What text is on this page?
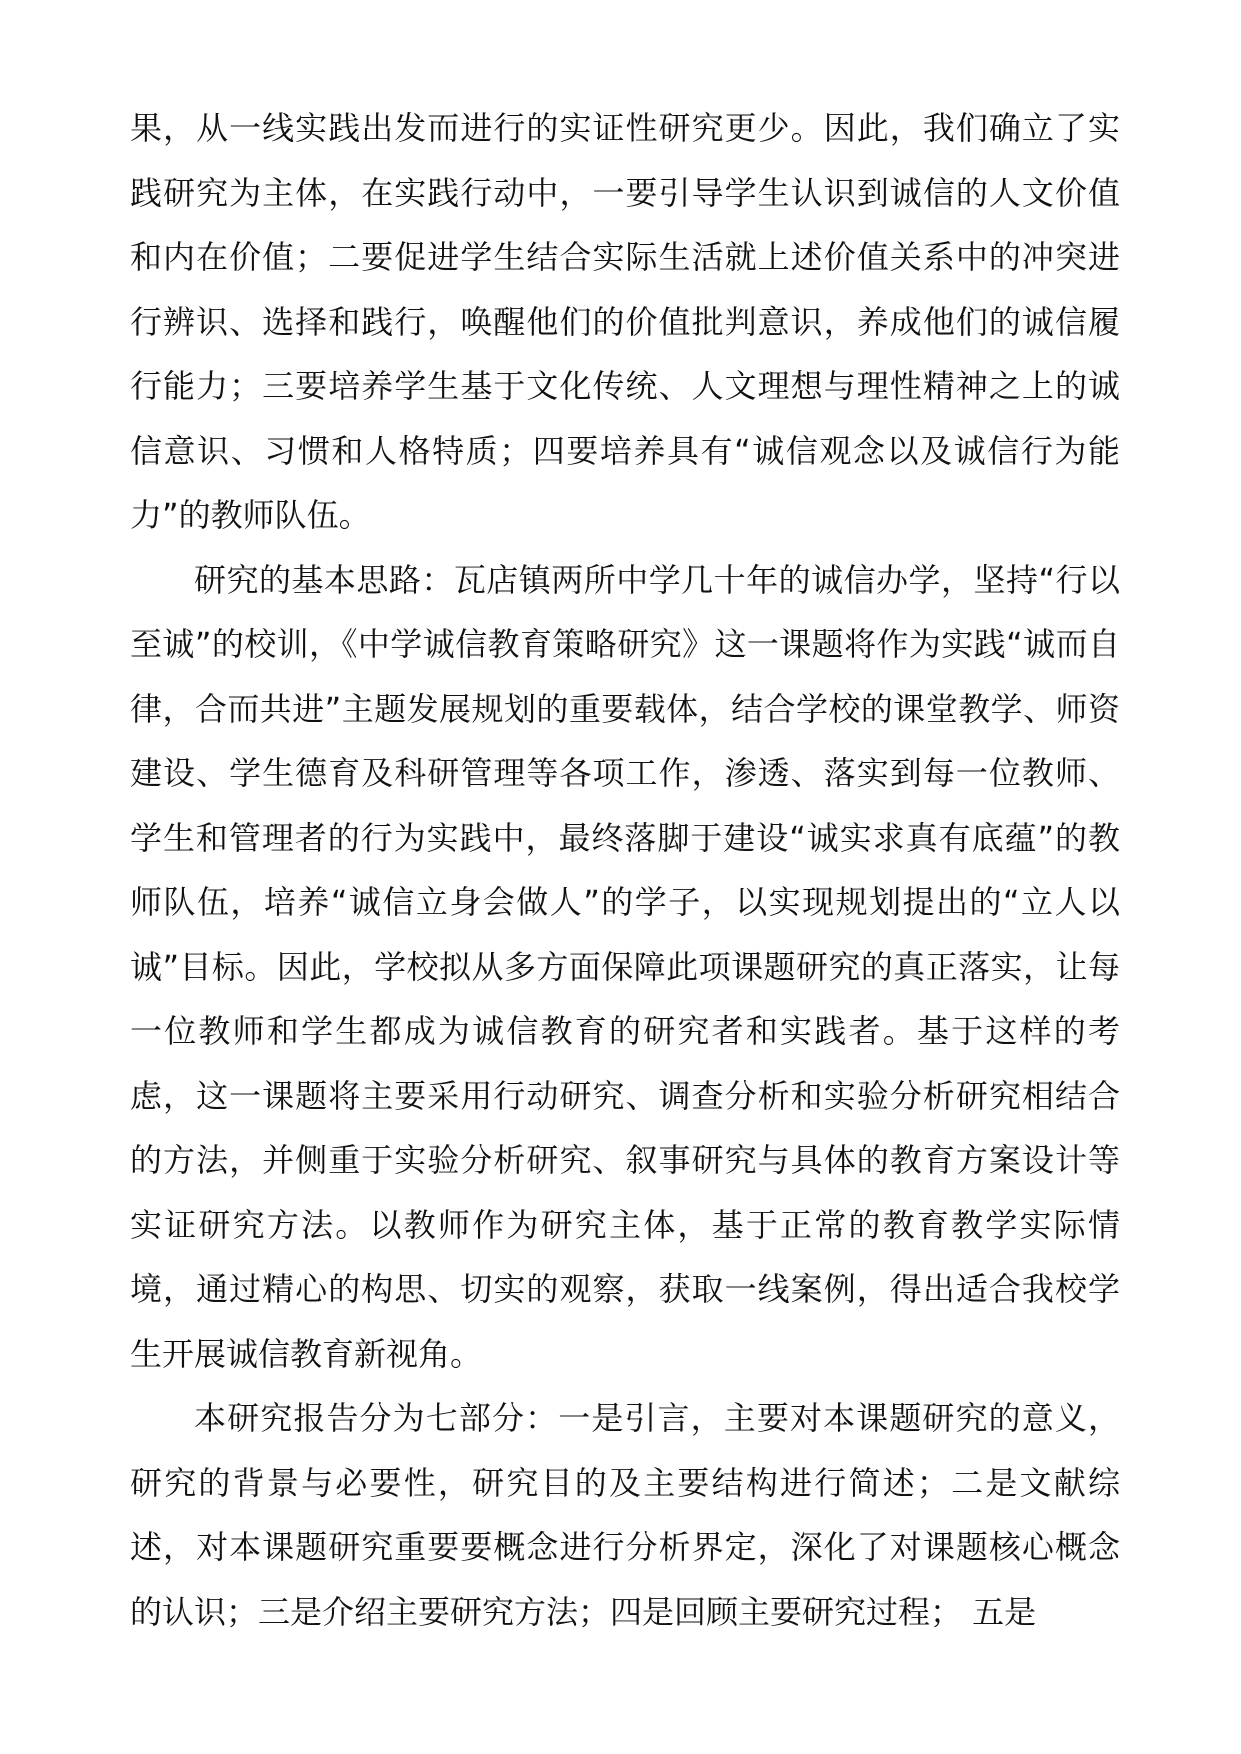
果，从一线实践出发而进行的实证性研究更少。因此，我们确立了实践研究为主体，在实践行动中，一要引导学生认识到诚信的人文价值和内在价值；二要促进学生结合实际生活就上述价值关系中的冲突进行辨识、选择和践行，唤醒他们的价值批判意识，养成他们的诚信履行能力；三要培养学生基于文化传统、人文理想与理性精神之上的诚信意识、习惯和人格特质；四要培养具有“诚信观念以及诚信行为能力”的教师队伍。

研究的基本思路：瓦店镇两所中学几十年的诚信办学，坚持“行以至诚”的校训，《中学诚信教育策略研究》这一课题将作为实践“诚而自律，合而共进”主题发展规划的重要载体，结合学校的课堂教学、师资建设、学生德育及科研管理等各项工作，渗透、落实到每一位教师、学生和管理者的行为实践中，最终落脚于建设“诚实求真有底蕴”的教师队伍，培养“诚信立身会做人”的学子，以实现规划提出的“立人以诚”目标。因此，学校拟从多方面保障此项课题研究的真正落实，让每一位教师和学生都成为诚信教育的研究者和实践者。基于这样的考虑，这一课题将主要采用行动研究、调查分析和实验分析研究相结合的方法，并侧重于实验分析研究、叙事研究与具体的教育方案设计等实证研究方法。以教师作为研究主体，基于正常的教育教学实际情境，通过精心的构思、切实的观察，获取一线案例，得出适合我校学生开展诚信教育新视角。

本研究报告分为七部分：一是引言，主要对本课题研究的意义，研究的背景与必要性，研究目的及主要结构进行简述；二是文献综述，对本课题研究重要要概念进行分析界定，深化了对课题核心概念的认识；三是介绍主要研究方法；四是回顾主要研究过程； 五是
